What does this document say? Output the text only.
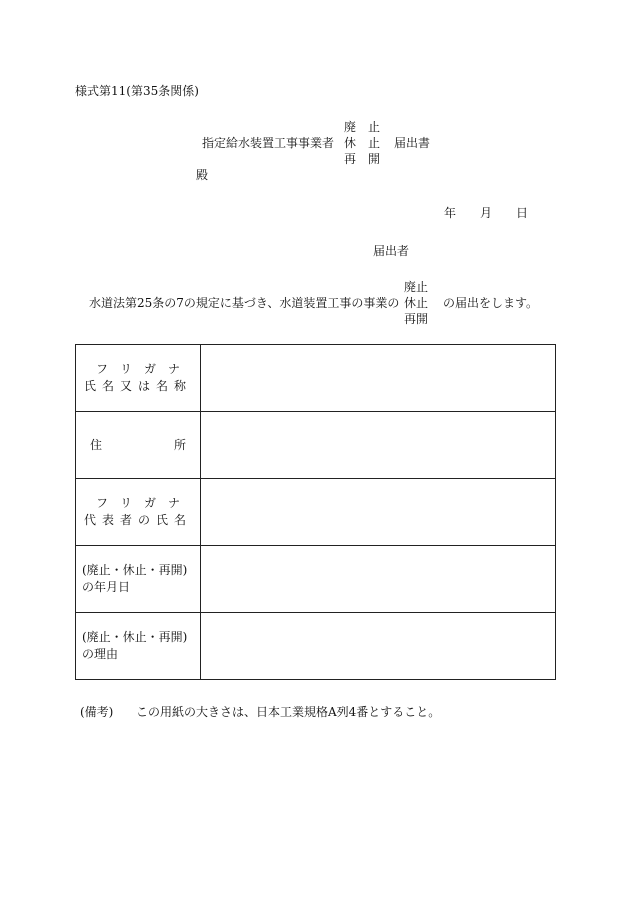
様式第11(第35条関係)
指定給水装置工事事業者
廃　止
休　止
再　開
届出書
殿
年 月 日
届出者
水道法第25条の7の規定に基づき、水道装置工事の事業の
廃止
休止
再開
の届出をします。
フ　リ　ガ　ナ
氏名又は名称	

住 所	

フ　リ　ガ　ナ
代表者の氏名	

(廃止・休止・再開)
の年月日	

(廃止・休止・再開)
の理由	

(備考) この用紙の大きさは、日本工業規格A列4番とすること。
